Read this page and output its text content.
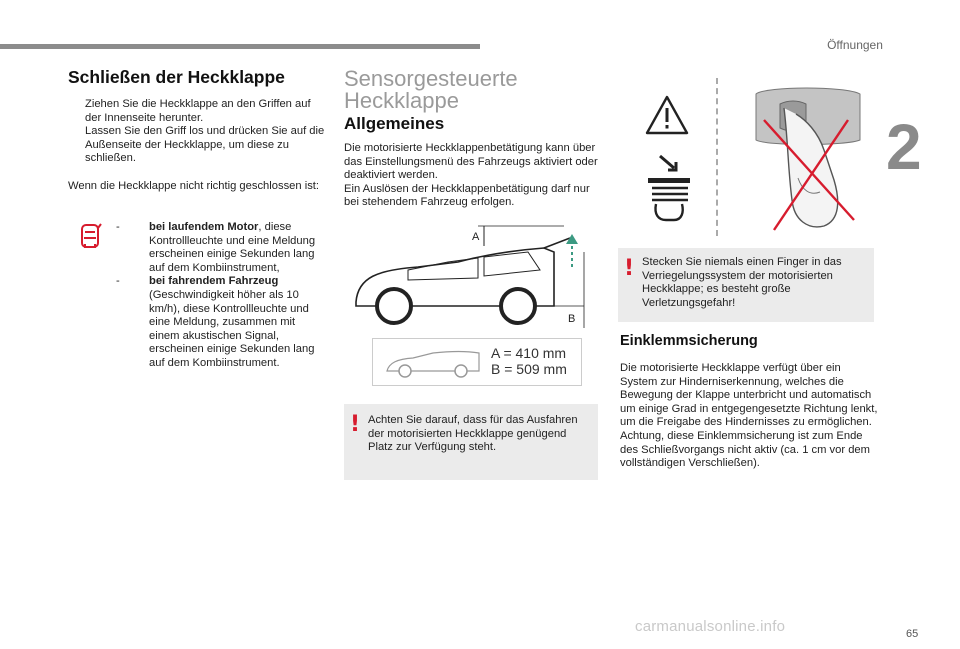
Öffnungen
2
65
Schließen der Heckklappe
Ziehen Sie die Heckklappe an den Griffen auf der Innenseite herunter.
Lassen Sie den Griff los und drücken Sie auf die Außenseite der Heckklappe, um diese zu schließen.
Wenn die Heckklappe nicht richtig geschlossen ist:
-	bei laufendem Motor, diese Kontrollleuchte und eine Meldung erscheinen einige Sekunden lang auf dem Kombiinstrument,
-	bei fahrendem Fahrzeug (Geschwindigkeit höher als 10 km/h), diese Kontrollleuchte und eine Meldung, zusammen mit einem akustischen Signal, erscheinen einige Sekunden lang auf dem Kombiinstrument.
Sensorgesteuerte
Heckklappe
Allgemeines
Die motorisierte Heckklappenbetätigung kann über das Einstellungsmenü des Fahrzeugs aktiviert oder deaktiviert werden.
Ein Auslösen der Heckklappenbetätigung darf nur bei stehendem Fahrzeug erfolgen.
A
B
A = 410 mm
B = 509 mm
! Achten Sie darauf, dass für das Ausfahren der motorisierten Heckklappe genügend Platz zur Verfügung steht.
! Stecken Sie niemals einen Finger in das Verriegelungssystem der motorisierten Heckklappe; es besteht große Verletzungsgefahr!
Einklemmsicherung
Die motorisierte Heckklappe verfügt über ein System zur Hinderniserkennung, welches die Bewegung der Klappe unterbricht und automatisch um einige Grad in entgegengesetzte Richtung lenkt, um die Freigabe des Hindernisses zu ermöglichen. Achtung, diese Einklemmsicherung ist zum Ende des Schließvorgangs nicht aktiv (ca. 1 cm vor dem vollständigen Verschließen).
carmanualsonline.info
